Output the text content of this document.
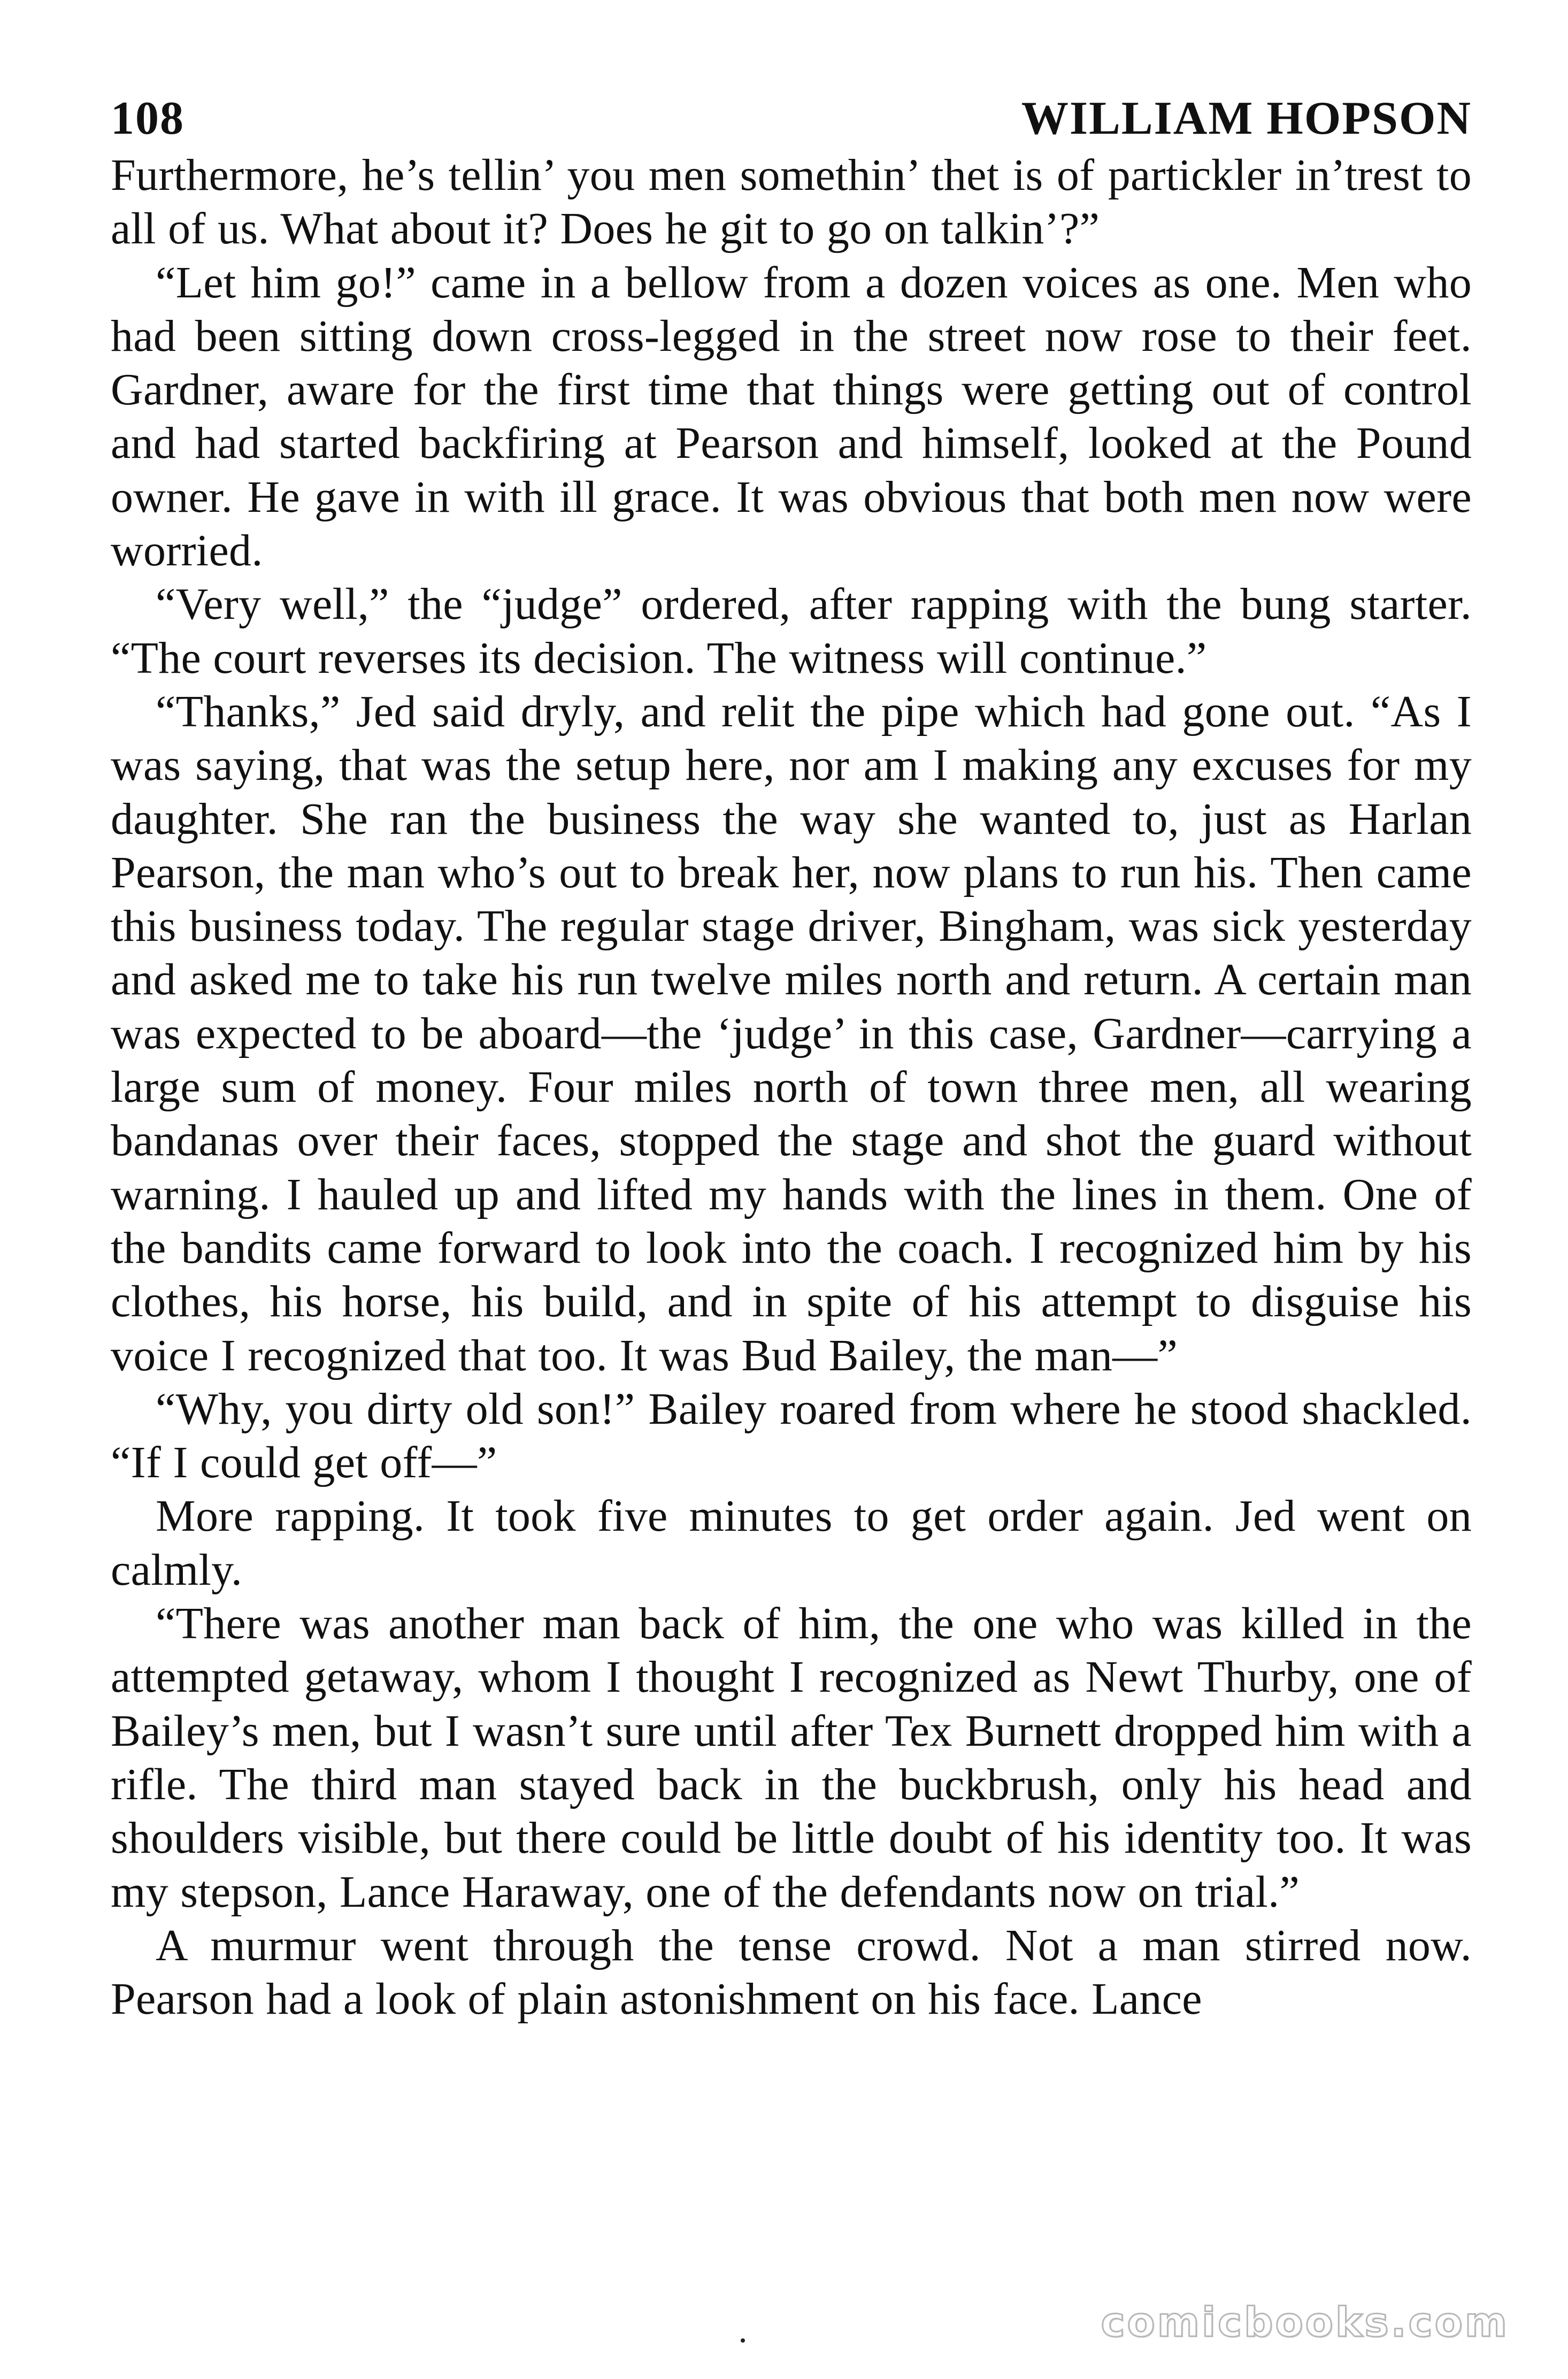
108	WILLIAM HOPSON

Furthermore, he’s tellin’ you men somethin’ thet is of partickler in’trest to all of us. What about it? Does he git to go on talkin’?”

“Let him go!” came in a bellow from a dozen voices as one. Men who had been sitting down cross-legged in the street now rose to their feet. Gardner, aware for the first time that things were getting out of control and had started backfiring at Pearson and himself, looked at the Pound owner. He gave in with ill grace. It was obvious that both men now were worried.

“Very well,” the “judge” ordered, after rapping with the bung starter. “The court reverses its decision. The witness will continue.”

“Thanks,” Jed said dryly, and relit the pipe which had gone out. “As I was saying, that was the setup here, nor am I making any excuses for my daughter. She ran the business the way she wanted to, just as Harlan Pearson, the man who’s out to break her, now plans to run his. Then came this business today. The regular stage driver, Bingham, was sick yesterday and asked me to take his run twelve miles north and return. A certain man was expected to be aboard—the ‘judge’ in this case, Gardner—carrying a large sum of money. Four miles north of town three men, all wearing bandanas over their faces, stopped the stage and shot the guard without warning. I hauled up and lifted my hands with the lines in them. One of the bandits came forward to look into the coach. I recognized him by his clothes, his horse, his build, and in spite of his attempt to disguise his voice I recognized that too. It was Bud Bailey, the man—”

“Why, you dirty old son!” Bailey roared from where he stood shackled. “If I could get off—”

More rapping. It took five minutes to get order again. Jed went on calmly.

“There was another man back of him, the one who was killed in the attempted getaway, whom I thought I recognized as Newt Thurby, one of Bailey’s men, but I wasn’t sure until after Tex Burnett dropped him with a rifle. The third man stayed back in the buckbrush, only his head and shoulders visible, but there could be little doubt of his identity too. It was my stepson, Lance Haraway, one of the defendants now on trial.”

A murmur went through the tense crowd. Not a man stirred now. Pearson had a look of plain astonishment on his face. Lance

comicbooks.com
